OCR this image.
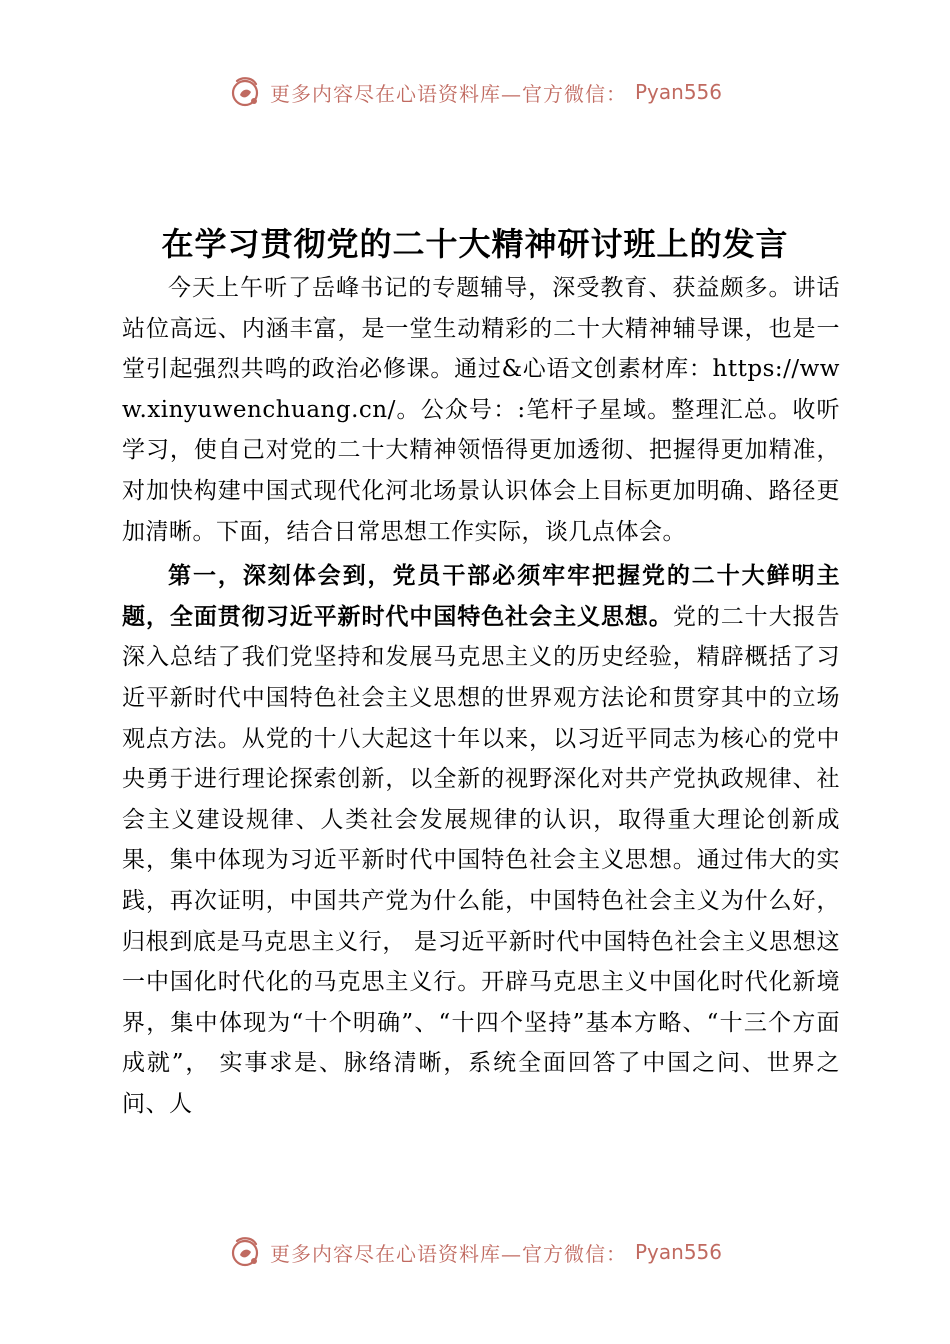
更多内容尽在心语资料库—官方微信： Pyan556
在学习贯彻党的二十大精神研讨班上的发言

今天上午听了岳峰书记的专题辅导，深受教育、获益颇多。讲话站位高远、内涵丰富，是一堂生动精彩的二十大精神辅导课，也是一堂引起强烈共鸣的政治必修课。通过&心语文创素材库：https://www.xinyuwenchuang.cn/。公众号：:笔杆子星域。整理汇总。收听学习，使自己对党的二十大精神领悟得更加透彻、把握得更加精准，对加快构建中国式现代化河北场景认识体会上目标更加明确、路径更加清晰。下面，结合日常思想工作实际，谈几点体会。

第一，深刻体会到，党员干部必须牢牢把握党的二十大鲜明主题，全面贯彻习近平新时代中国特色社会主义思想。党的二十大报告深入总结了我们党坚持和发展马克思主义的历史经验，精辟概括了习近平新时代中国特色社会主义思想的世界观方法论和贯穿其中的立场观点方法。从党的十八大起这十年以来，以习近平同志为核心的党中央勇于进行理论探索创新，以全新的视野深化对共产党执政规律、社会主义建设规律、人类社会发展规律的认识，取得重大理论创新成果，集中体现为习近平新时代中国特色社会主义思想。通过伟大的实践，再次证明，中国共产党为什么能，中国特色社会主义为什么好，归根到底是马克思主义行， 是习近平新时代中国特色社会主义思想这一中国化时代化的马克思主义行。开辟马克思主义中国化时代化新境界，集中体现为“十个明确”、“十四个坚持”基本方略、“十三个方面成就”， 实事求是、脉络清晰，系统全面回答了中国之问、世界之问、人

更多内容尽在心语资料库—官方微信： Pyan556
